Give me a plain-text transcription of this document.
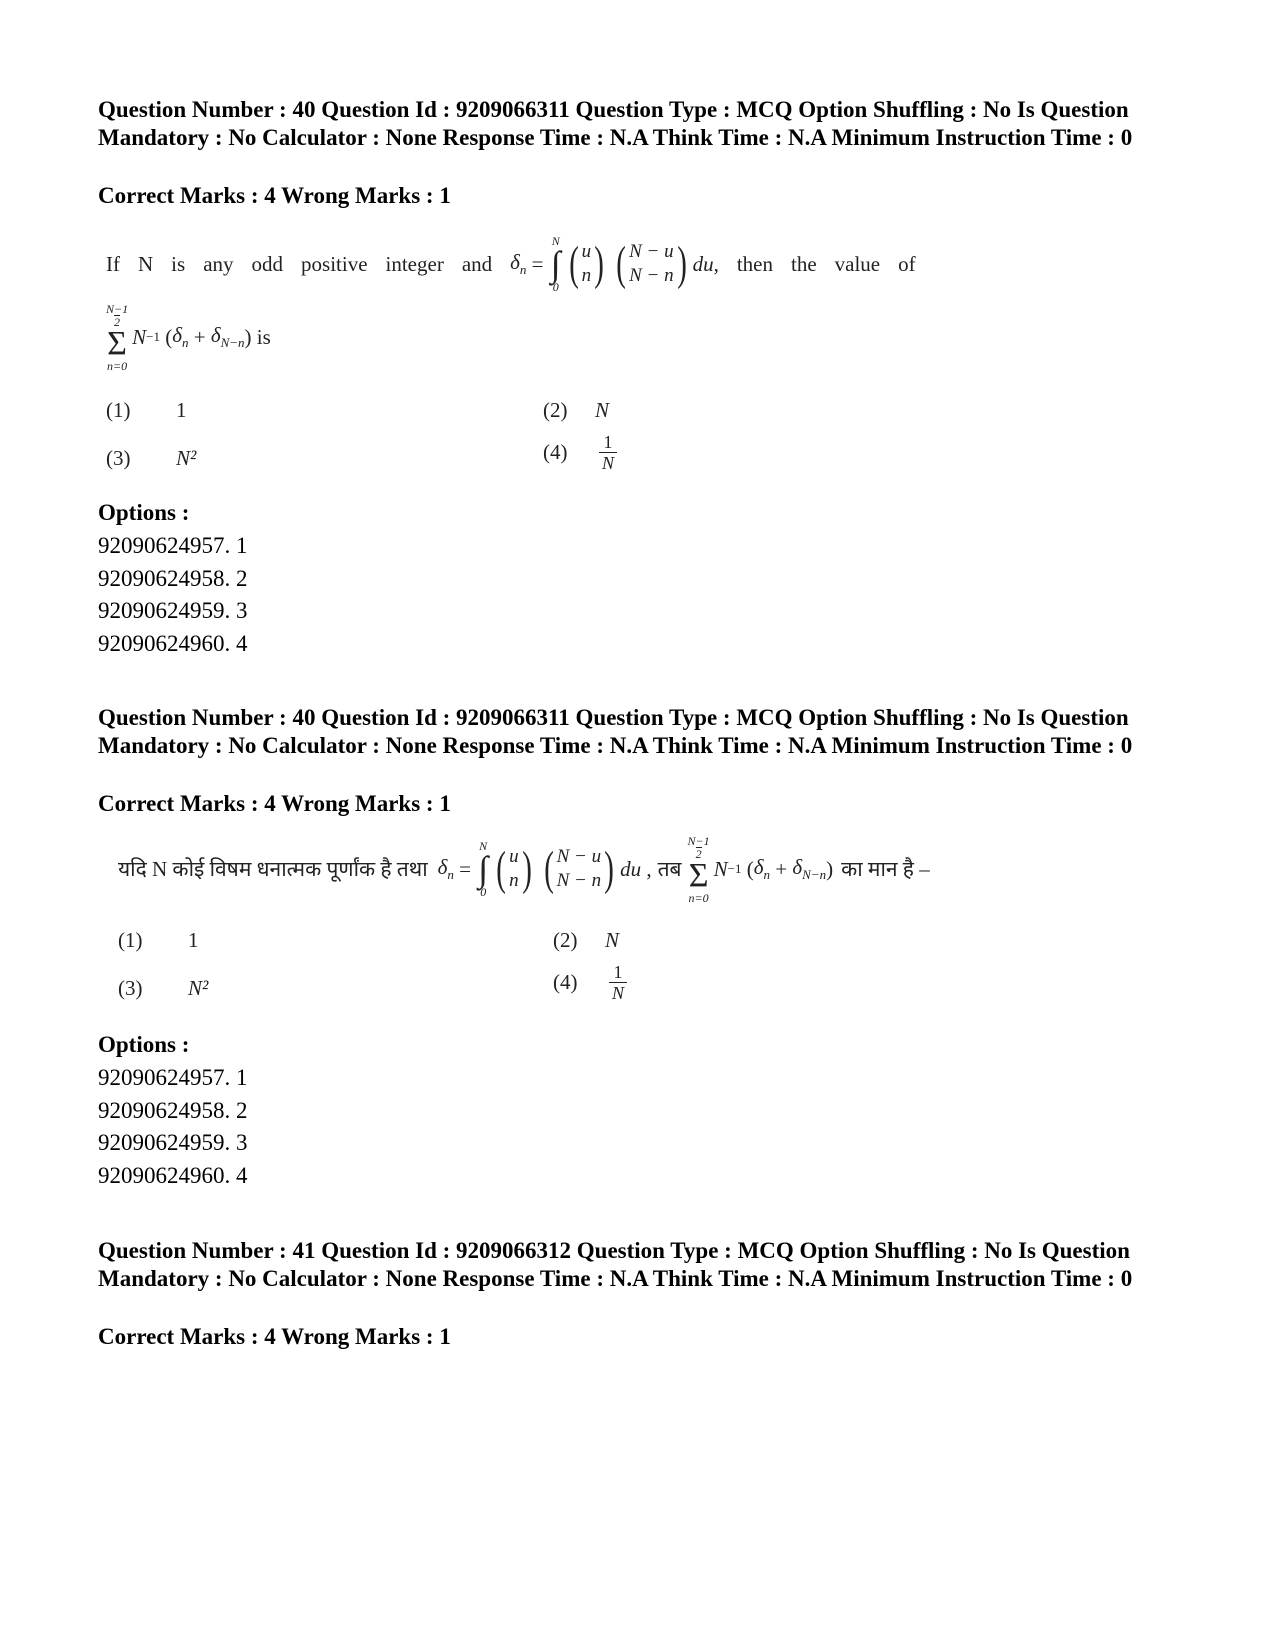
Question Number : 40 Question Id : 9209066311 Question Type : MCQ Option Shuffling : No Is Question Mandatory : No Calculator : None Response Time : N.A Think Time : N.A Minimum Instruction Time : 0
Correct Marks : 4 Wrong Marks : 1
If N is any odd positive integer and $\delta_n$ =
N
∫
0 ( u
n ) ( N − u
N − n ) du , then the value of
N−1
2
Σ
n=0
N −1 ( $\delta_n + \delta_{N-n}$ ) is
(1)	1	(2)	N
(3)	N²	(4)	$\frac{1}{N}$
Options :
92090624957. 1
92090624958. 2
92090624959. 3
92090624960. 4
Question Number : 40 Question Id : 9209066311 Question Type : MCQ Option Shuffling : No Is Question Mandatory : No Calculator : None Response Time : N.A Think Time : N.A Minimum Instruction Time : 0
Correct Marks : 4 Wrong Marks : 1
यदि N कोई विषम धनात्मक पूर्णांक है तथा $\delta_n$ =
N
∫
0 ( u
n ) ( N − u
N − n ) du , तब
N−1
2
Σ
n=0
N −1 ( $\delta_n + \delta_{N-n}$ ) का मान है –
(1)	1	(2)	N
(3)	N²	(4)	$\frac{1}{N}$
Options :
92090624957. 1
92090624958. 2
92090624959. 3
92090624960. 4
Question Number : 41 Question Id : 9209066312 Question Type : MCQ Option Shuffling : No Is Question Mandatory : No Calculator : None Response Time : N.A Think Time : N.A Minimum Instruction Time : 0
Correct Marks : 4 Wrong Marks : 1
